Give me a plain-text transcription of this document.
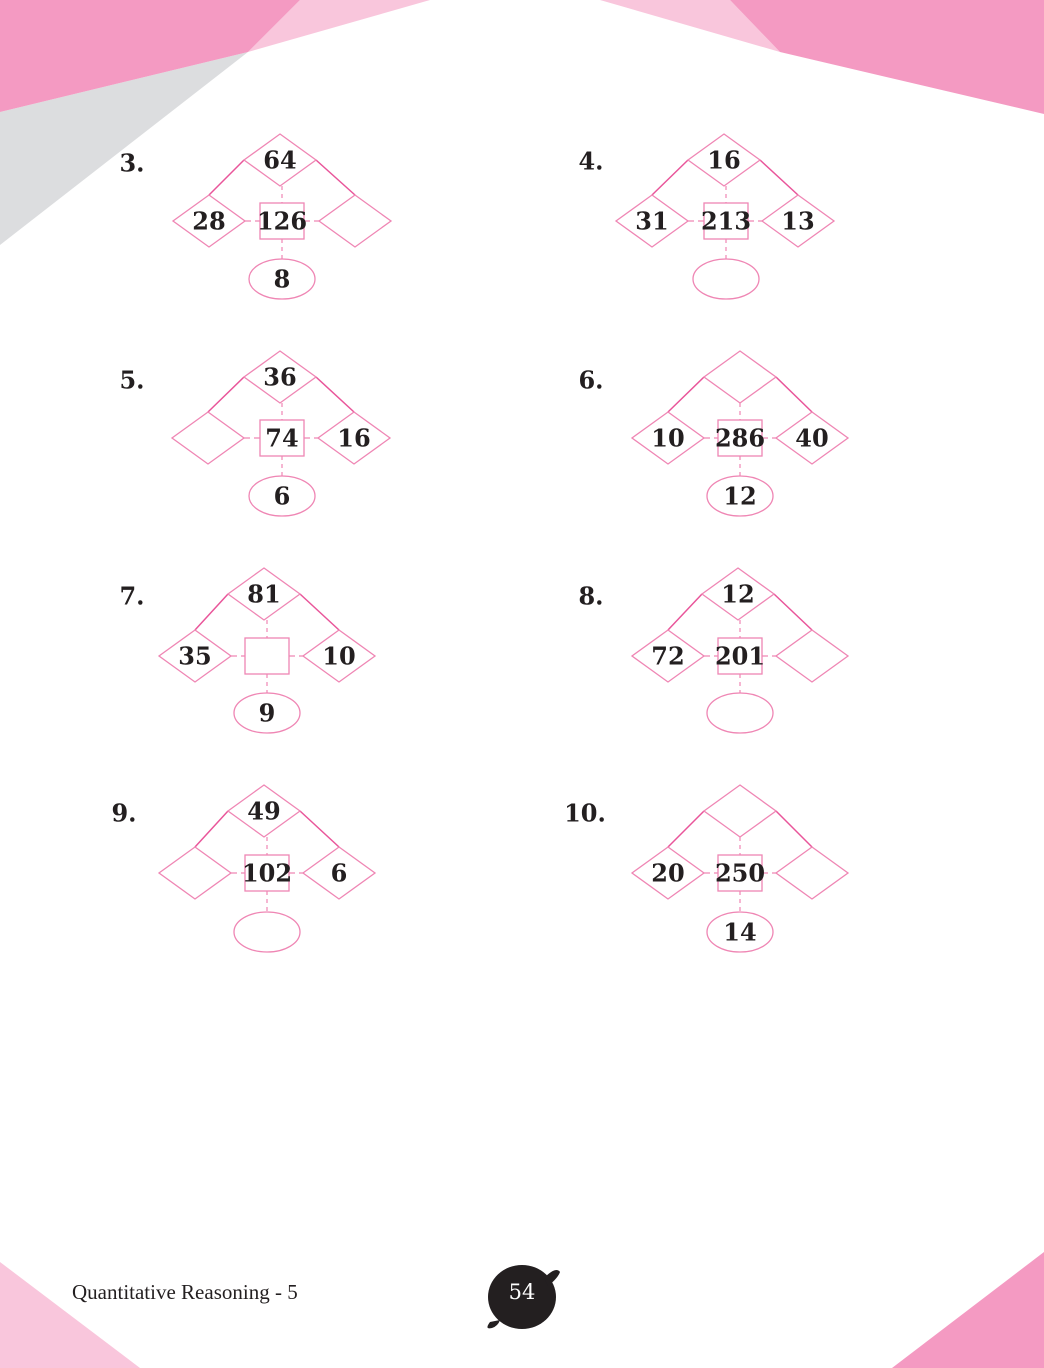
3.	64
28 126
8
4.	16
31	13
213
5.	36
16
74
6
6.
10	40
286
12
7.	81
35	10
9
8.	12
72 201
9.	49
6
102
10.
20 250
14
Quantitative Reasoning - 5	54
